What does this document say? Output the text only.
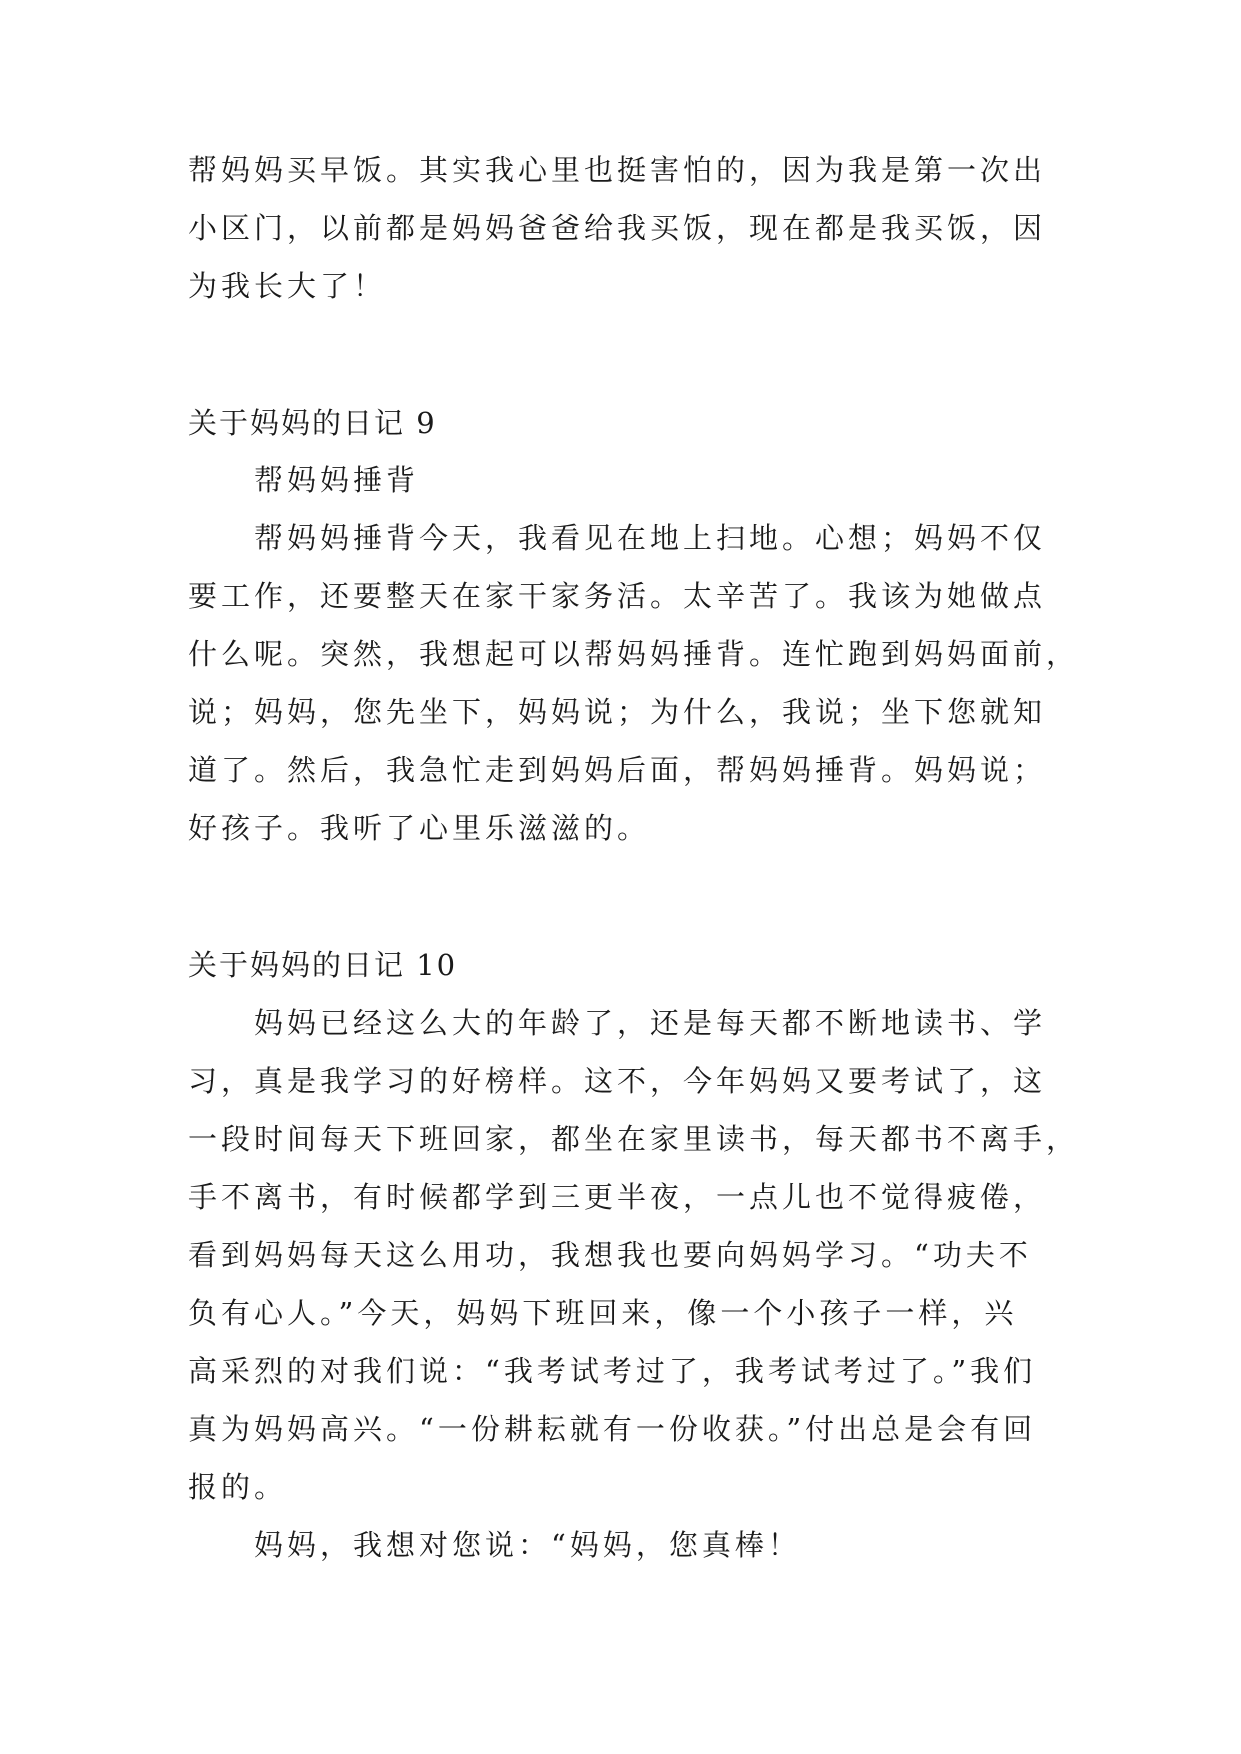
帮妈妈买早饭。其实我心里也挺害怕的，因为我是第一次出
小区门，以前都是妈妈爸爸给我买饭，现在都是我买饭，因
为我长大了！
关于妈妈的日记 9
帮妈妈捶背
帮妈妈捶背今天，我看见在地上扫地。心想；妈妈不仅
要工作，还要整天在家干家务活。太辛苦了。我该为她做点
什么呢。突然，我想起可以帮妈妈捶背。连忙跑到妈妈面前，
说；妈妈，您先坐下，妈妈说；为什么，我说；坐下您就知
道了。然后，我急忙走到妈妈后面，帮妈妈捶背。妈妈说；
好孩子。我听了心里乐滋滋的。
关于妈妈的日记 10
妈妈已经这么大的年龄了，还是每天都不断地读书、学
习，真是我学习的好榜样。这不，今年妈妈又要考试了，这
一段时间每天下班回家，都坐在家里读书，每天都书不离手，
手不离书，有时候都学到三更半夜，一点儿也不觉得疲倦，
看到妈妈每天这么用功，我想我也要向妈妈学习。“功夫不
负有心人。”今天，妈妈下班回来，像一个小孩子一样，兴
高采烈的对我们说：“我考试考过了，我考试考过了。”我们
真为妈妈高兴。“一份耕耘就有一份收获。”付出总是会有回
报的。
妈妈，我想对您说：“妈妈，您真棒！
